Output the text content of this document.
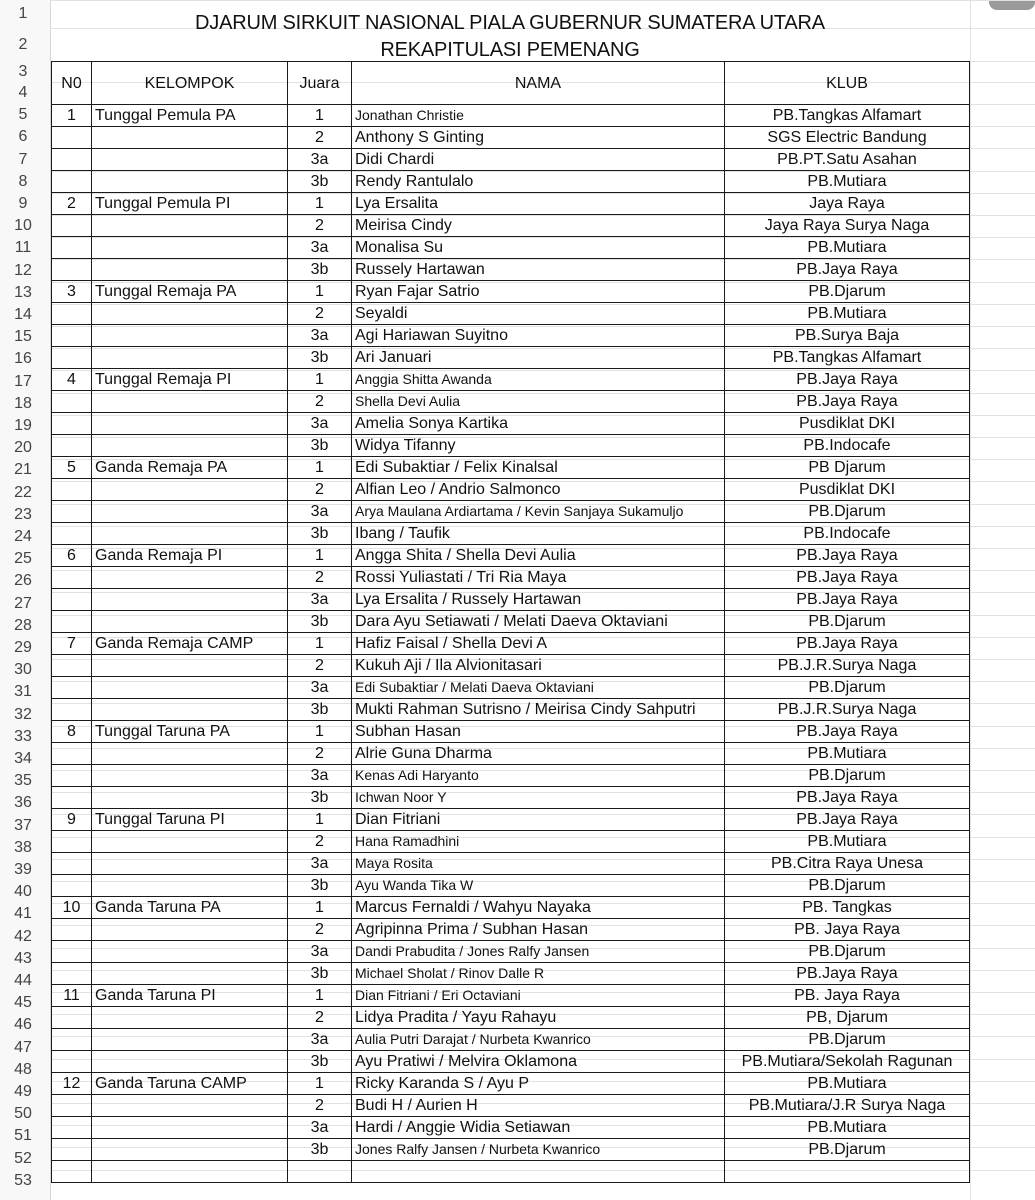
1
2
3
4
5
6
7
8
9
10
11
12
13
14
15
16
17
18
19
20
21
22
23
24
25
26
27
28
29
30
31
32
33
34
35
36
37
38
39
40
41
42
43
44
45
46
47
48
49
50
51
52
53
DJARUM SIRKUIT NASIONAL PIALA GUBERNUR SUMATERA UTARA
REKAPITULASI PEMENANG
N0	KELOMPOK	Juara	NAMA	KLUB
1	Tunggal Pemula PA	1	Jonathan Christie	PB.Tangkas Alfamart
		2	Anthony S Ginting	SGS Electric Bandung
		3a	Didi Chardi	PB.PT.Satu Asahan
		3b	Rendy Rantulalo	PB.Mutiara
2	Tunggal Pemula PI	1	Lya Ersalita	Jaya Raya
		2	Meirisa Cindy	Jaya Raya Surya Naga
		3a	Monalisa Su	PB.Mutiara
		3b	Russely Hartawan	PB.Jaya Raya
3	Tunggal Remaja PA	1	Ryan Fajar Satrio	PB.Djarum
		2	Seyaldi	PB.Mutiara
		3a	Agi Hariawan Suyitno	PB.Surya Baja
		3b	Ari Januari	PB.Tangkas Alfamart
4	Tunggal Remaja PI	1	Anggia Shitta Awanda	PB.Jaya Raya
		2	Shella Devi Aulia	PB.Jaya Raya
		3a	Amelia Sonya Kartika	Pusdiklat DKI
		3b	Widya Tifanny	PB.Indocafe
5	Ganda Remaja PA	1	Edi Subaktiar / Felix Kinalsal	PB Djarum
		2	Alfian Leo / Andrio Salmonco	Pusdiklat DKI
		3a	Arya Maulana Ardiartama / Kevin Sanjaya Sukamuljo	PB.Djarum
		3b	Ibang / Taufik	PB.Indocafe
6	Ganda Remaja PI	1	Angga Shita / Shella Devi Aulia	PB.Jaya Raya
		2	Rossi Yuliastati / Tri Ria Maya	PB.Jaya Raya
		3a	Lya Ersalita / Russely Hartawan	PB.Jaya Raya
		3b	Dara Ayu Setiawati / Melati Daeva Oktaviani	PB.Djarum
7	Ganda Remaja CAMP	1	Hafiz Faisal / Shella Devi A	PB.Jaya Raya
		2	Kukuh Aji / Ila Alvionitasari	PB.J.R.Surya Naga
		3a	Edi Subaktiar / Melati Daeva Oktaviani	PB.Djarum
		3b	Mukti Rahman Sutrisno / Meirisa Cindy Sahputri	PB.J.R.Surya Naga
8	Tunggal Taruna PA	1	Subhan Hasan	PB.Jaya Raya
		2	Alrie Guna Dharma	PB.Mutiara
		3a	Kenas Adi Haryanto	PB.Djarum
		3b	Ichwan Noor Y	PB.Jaya Raya
9	Tunggal Taruna PI	1	Dian Fitriani	PB.Jaya Raya
		2	Hana Ramadhini	PB.Mutiara
		3a	Maya Rosita	PB.Citra Raya Unesa
		3b	Ayu Wanda Tika W	PB.Djarum
10	Ganda Taruna PA	1	Marcus Fernaldi / Wahyu Nayaka	PB. Tangkas
		2	Agripinna Prima / Subhan Hasan	PB. Jaya Raya
		3a	Dandi Prabudita / Jones Ralfy Jansen	PB.Djarum
		3b	Michael Sholat / Rinov Dalle R	PB.Jaya Raya
11	Ganda Taruna PI	1	Dian Fitriani / Eri Octaviani	PB. Jaya Raya
		2	Lidya Pradita / Yayu Rahayu	PB, Djarum
		3a	Aulia Putri Darajat / Nurbeta Kwanrico	PB.Djarum
		3b	Ayu Pratiwi / Melvira Oklamona	PB.Mutiara/Sekolah Ragunan
12	Ganda Taruna CAMP	1	Ricky Karanda S / Ayu P	PB.Mutiara
		2	Budi H / Aurien H	PB.Mutiara/J.R Surya Naga
		3a	Hardi / Anggie Widia Setiawan	PB.Mutiara
		3b	Jones Ralfy Jansen / Nurbeta Kwanrico	PB.Djarum
